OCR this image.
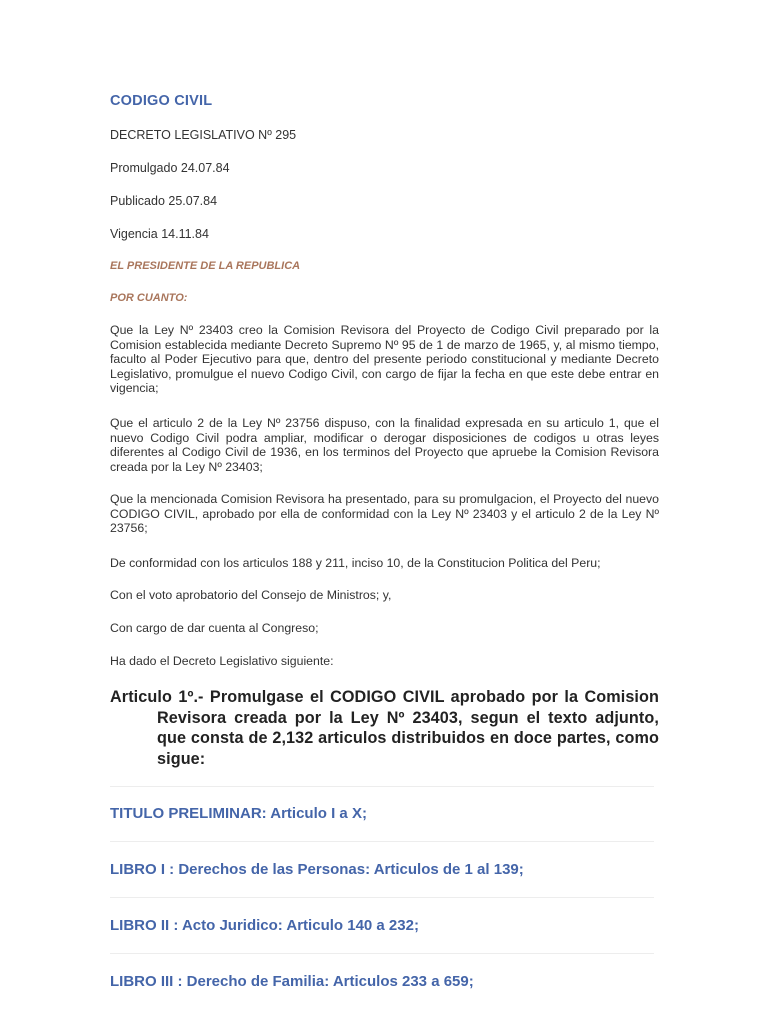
CODIGO CIVIL
DECRETO LEGISLATIVO Nº 295
Promulgado 24.07.84
Publicado 25.07.84
Vigencia 14.11.84
EL PRESIDENTE DE LA REPUBLICA
POR CUANTO:

Que la Ley Nº 23403 creo la Comision Revisora del Proyecto de Codigo Civil preparado por la Comision establecida mediante Decreto Supremo Nº 95 de 1 de marzo de 1965, y, al mismo tiempo, faculto al Poder Ejecutivo para que, dentro del presente periodo constitucional y mediante Decreto Legislativo, promulgue el nuevo Codigo Civil, con cargo de fijar la fecha en que este debe entrar en vigencia;

Que el articulo 2 de la Ley Nº 23756 dispuso, con la finalidad expresada en su articulo 1, que el nuevo Codigo Civil podra ampliar, modificar o derogar disposiciones de codigos u otras leyes diferentes al Codigo Civil de 1936, en los terminos del Proyecto que apruebe la Comision Revisora creada por la Ley Nº 23403;

Que la mencionada Comision Revisora ha presentado, para su promulgacion, el Proyecto del nuevo CODIGO CIVIL, aprobado por ella de conformidad con la Ley Nº 23403 y el articulo 2 de la Ley Nº 23756;

De conformidad con los articulos 188 y 211, inciso 10, de la Constitucion Politica del Peru;
Con el voto aprobatorio del Consejo de Ministros; y,
Con cargo de dar cuenta al Congreso;
Ha dado el Decreto Legislativo siguiente:
Articulo 1º.- Promulgase el CODIGO CIVIL aprobado por la Comision Revisora creada por la Ley Nº 23403, segun el texto adjunto, que consta de 2,132 articulos distribuidos en doce partes, como sigue:
TITULO PRELIMINAR: Articulo I a X;
LIBRO I : Derechos de las Personas: Articulos de 1 al 139;
LIBRO II : Acto Juridico: Articulo 140 a 232;
LIBRO III : Derecho de Familia: Articulos 233 a 659;
